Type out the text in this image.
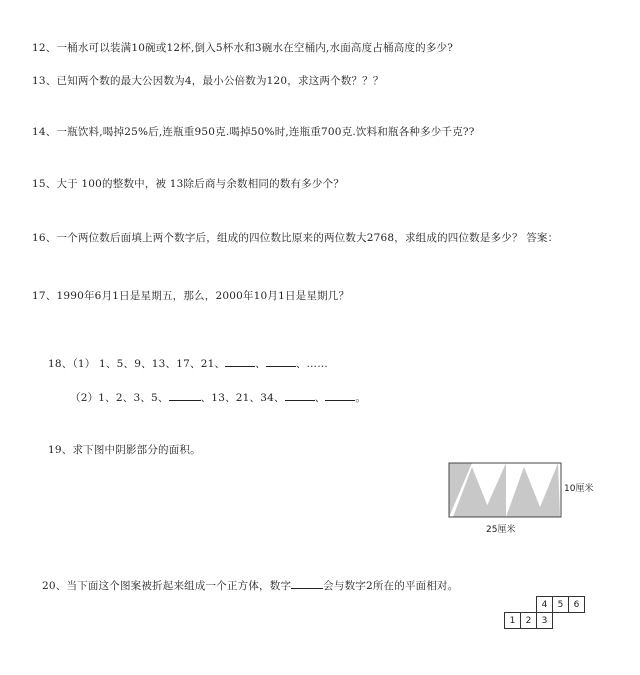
12、一桶水可以装满10碗或12杯,倒入5杯水和3碗水在空桶内,水面高度占桶高度的多少?
13、已知两个数的最大公因数为4，最小公倍数为120，求这两个数？？？
14、一瓶饮料,喝掉25%后,连瓶重950克.喝掉50%时,连瓶重700克.饮料和瓶各种多少千克??
15、大于 100的整数中，被 13除后商与余数相同的数有多少个？
16、一个两位数后面填上两个数字后，组成的四位数比原来的两位数大2768，求组成的四位数是多少？ 答案：
17、1990年6月1日是星期五，那么，2000年10月1日是星期几？
18、（1） 1、5、9、13、17、21、	、	、……
（2）1、2、3、5、	、13、21、34、	、	。
19、求下图中阴影部分的面积。
10厘米
25厘米
20、当下面这个图案被折起来组成一个正方体，数字	会与数字2所在的平面相对。
4	5	6
1	2	3
